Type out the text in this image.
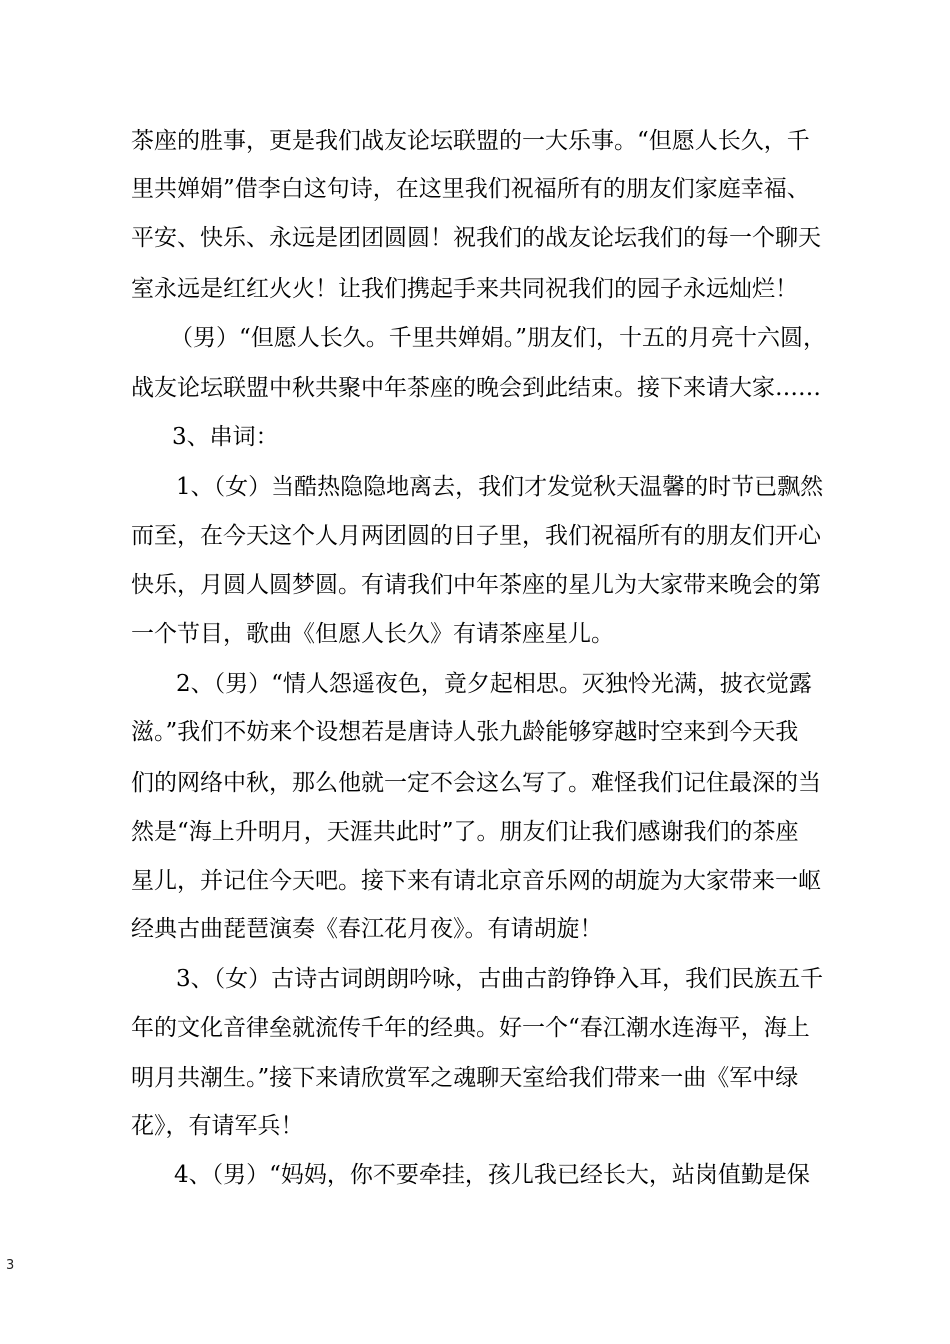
茶座的胜事，更是我们战友论坛联盟的一大乐事。“但愿人长久，千
里共婵娟”借李白这句诗，在这里我们祝福所有的朋友们家庭幸福、
平安、快乐、永远是团团圆圆！祝我们的战友论坛我们的每一个聊天
室永远是红红火火！让我们携起手来共同祝我们的园子永远灿烂！
（男）“但愿人长久。千里共婵娟。”朋友们，十五的月亮十六圆，
战友论坛联盟中秋共聚中年茶座的晚会到此结束。接下来请大家……
3、串词：
1、（女）当酷热隐隐地离去，我们才发觉秋天温馨的时节已飘然
而至，在今天这个人月两团圆的日子里，我们祝福所有的朋友们开心
快乐，月圆人圆梦圆。有请我们中年茶座的星儿为大家带来晚会的第
一个节目，歌曲《但愿人长久》有请茶座星儿。
2、（男）“情人怨遥夜色，竟夕起相思。灭独怜光满，披衣觉露
滋。”我们不妨来个设想若是唐诗人张九龄能够穿越时空来到今天我
们的网络中秋，那么他就一定不会这么写了。难怪我们记住最深的当
然是“海上升明月，天涯共此时”了。朋友们让我们感谢我们的茶座
星儿，并记住今天吧。接下来有请北京音乐网的胡旋为大家带来一岖
经典古曲琵琶演奏《春江花月夜》。有请胡旋！
3、（女）古诗古词朗朗吟咏，古曲古韵铮铮入耳，我们民族五千
年的文化音律垒就流传千年的经典。好一个“春江潮水连海平，海上
明月共潮生。”接下来请欣赏军之魂聊天室给我们带来一曲《军中绿
花》，有请军兵！
4、（男）“妈妈，你不要牵挂，孩儿我已经长大，站岗值勤是保
3
